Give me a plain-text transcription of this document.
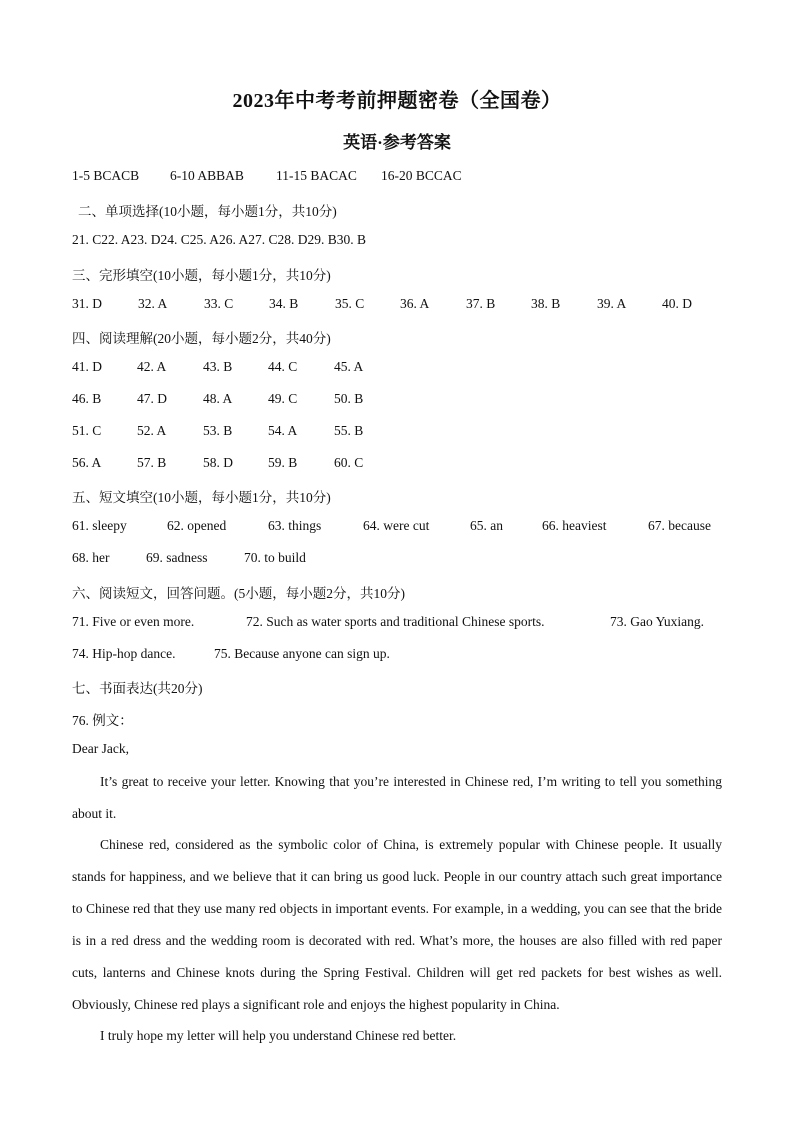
2023年中考考前押题密卷（全国卷）
英语·参考答案
1-5 BCACB 6-10 ABBAB 11-15 BACAC 16-20 BCCAC
二、单项选择(10小题，每小题1分，共10分)
21. C22. A23. D24. C25. A26. A27. C28. D29. B30. B
三、完形填空(10小题，每小题1分，共10分)
31. D	32. A	33. C	34. B	35. C	36. A	37. B	38. B	39. A	40. D
四、阅读理解(20小题，每小题2分，共40分)
41. D	42. A	43. B	44. C	45. A
46. B	47. D	48. A	49. C	50. B
51. C	52. A	53. B	54. A	55. B
56. A	57. B	58. D	59. B	60. C
五、短文填空(10小题，每小题1分，共10分)
61. sleepy	62. opened	63. things	64. were cut	65. an	66. heaviest	67. because
68. her	69. sadness	70. to build
六、阅读短文，回答问题。(5小题，每小题2分，共10分)
71. Five or even more.	72. Such as water sports and traditional Chinese sports.	73. Gao Yuxiang.
74. Hip-hop dance.	75. Because anyone can sign up.
七、书面表达(共20分)
76. 例文：
Dear Jack,
It’s great to receive your letter. Knowing that you’re interested in Chinese red, I’m writing to tell you something about it.
Chinese red, considered as the symbolic color of China, is extremely popular with Chinese people. It usually stands for happiness, and we believe that it can bring us good luck. People in our country attach such great importance to Chinese red that they use many red objects in important events. For example, in a wedding, you can see that the bride is in a red dress and the wedding room is decorated with red. What’s more, the houses are also filled with red paper cuts, lanterns and Chinese knots during the Spring Festival. Children will get red packets for best wishes as well. Obviously, Chinese red plays a significant role and enjoys the highest popularity in China.
I truly hope my letter will help you understand Chinese red better.
